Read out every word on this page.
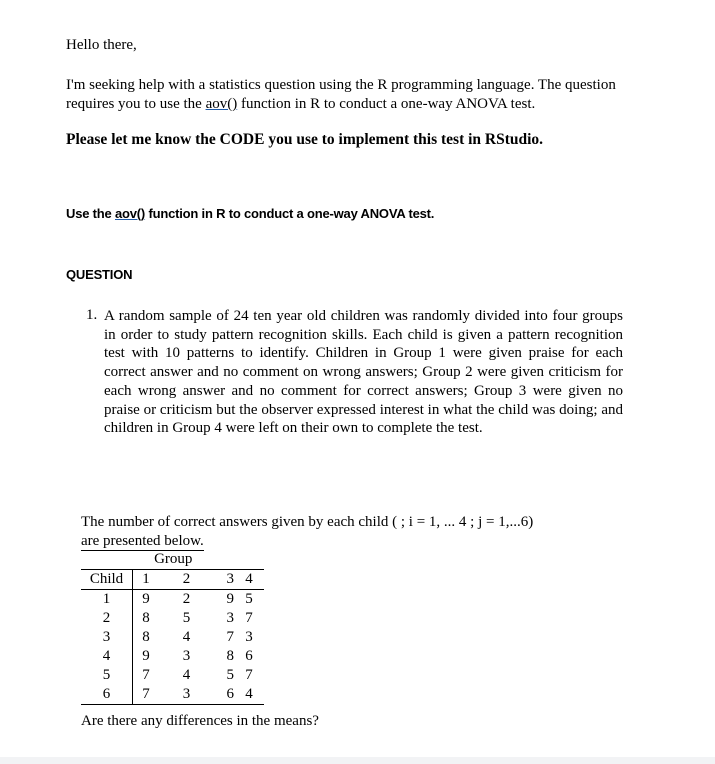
Hello there,
I'm seeking help with a statistics question using the R programming language. The question requires you to use the aov() function in R to conduct a one-way ANOVA test.
Please let me know the CODE you use to implement this test in RStudio.
Use the aov() function in R to conduct a one-way ANOVA test.
QUESTION
1. A random sample of 24 ten year old children was randomly divided into four groups in order to study pattern recognition skills. Each child is given a pattern recognition test with 10 patterns to identify. Children in Group 1 were given praise for each correct answer and no comment on wrong answers; Group 2 were given criticism for each wrong answer and no comment for correct answers; Group 3 were given no praise or criticism but the observer expressed interest in what the child was doing; and children in Group 4 were left on their own to complete the test.
The number of correct answers given by each child ( ; i = 1, ... 4 ; j = 1,...6)
are presented below.
	Group			
Child	1	2	3	4
1	9	2	9	5
2	8	5	3	7
3	8	4	7	3
4	9	3	8	6
5	7	4	5	7
6	7	3	6	4
Are there any differences in the means?
